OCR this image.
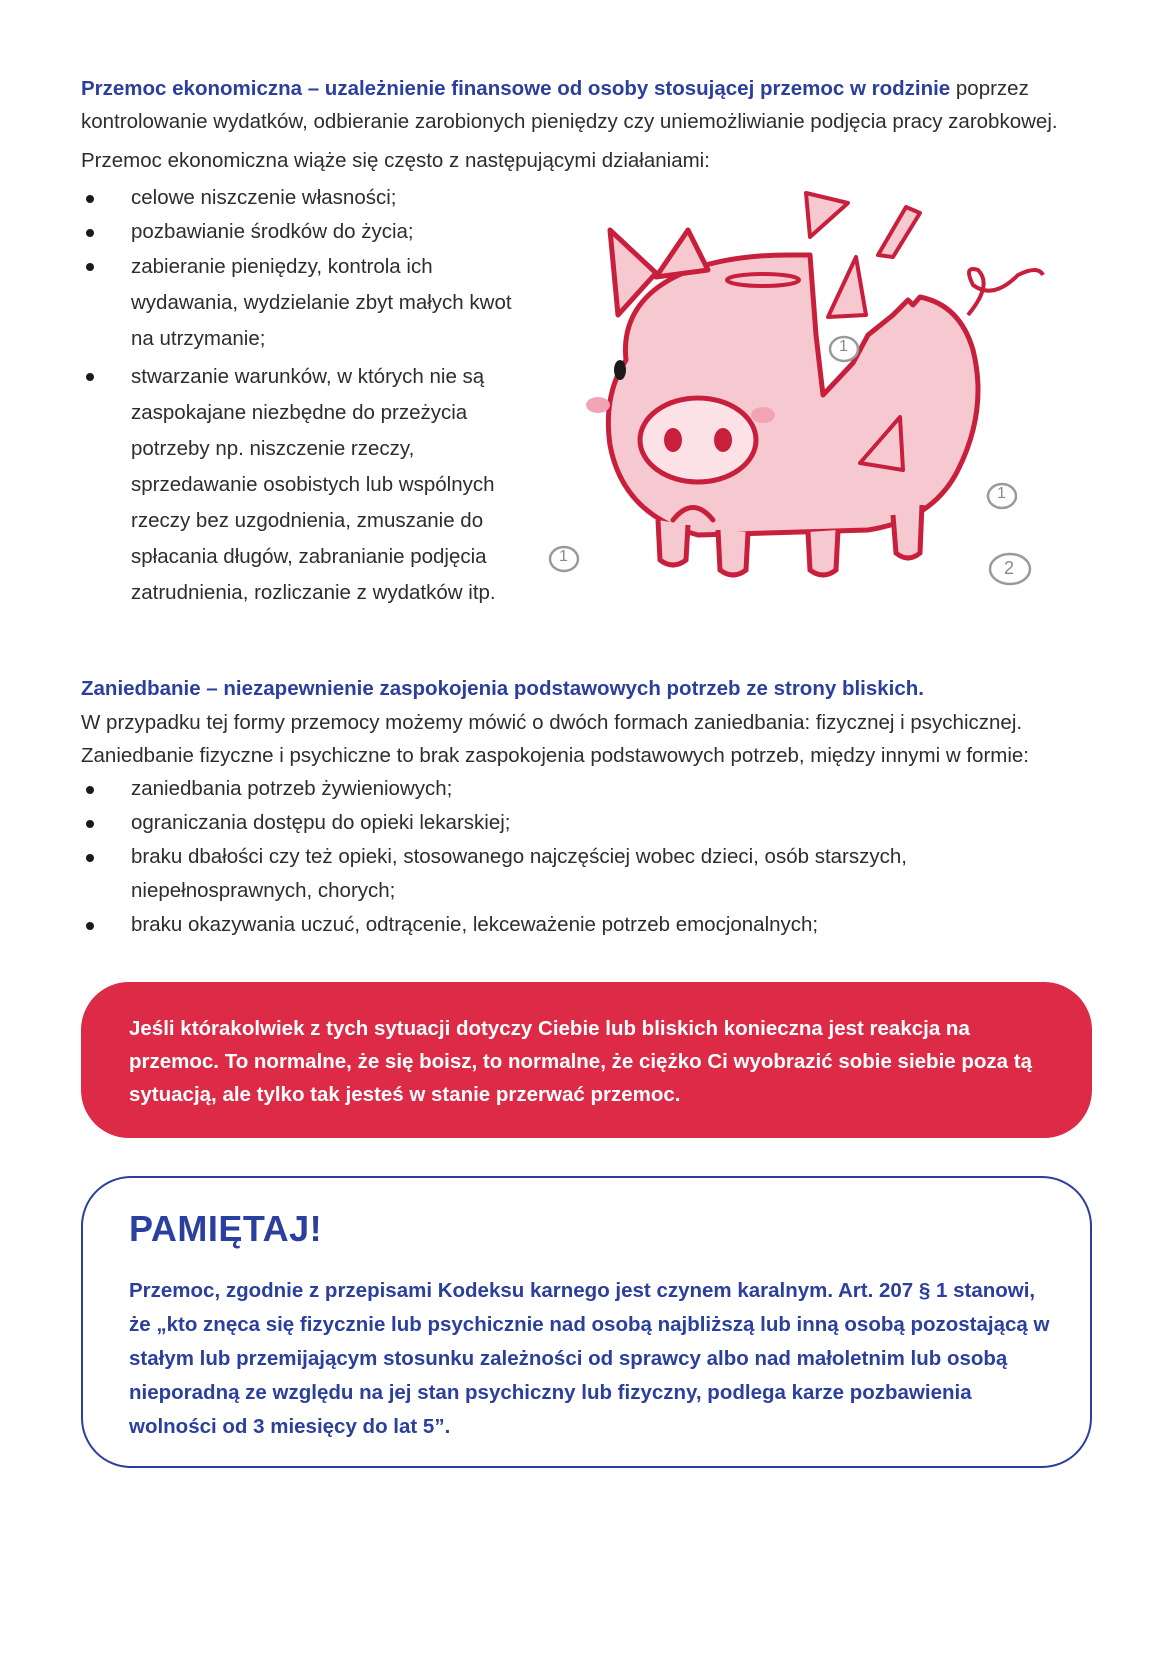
Przemoc ekonomiczna – uzależnienie finansowe od osoby stosującej przemoc w rodzinie poprzez kontrolowanie wydatków, odbieranie zarobionych pieniędzy czy uniemożliwianie podjęcia pracy zarobkowej.
Przemoc ekonomiczna wiąże się często z następującymi działaniami:
celowe niszczenie własności;
pozbawianie środków do życia;
zabieranie pieniędzy, kontrola ich wydawania, wydzielanie zbyt małych kwot na utrzymanie;
stwarzanie warunków, w których nie są zaspokajane niezbędne do przeżycia potrzeby np. niszczenie rzeczy, sprzedawanie osobistych lub wspólnych rzeczy bez uzgodnienia, zmuszanie do spłacania długów, zabranianie podjęcia zatrudnienia, rozliczanie z wydatków itp.
1
1
1
2
Zaniedbanie – niezapewnienie zaspokojenia podstawowych potrzeb ze strony bliskich.
W przypadku tej formy przemocy możemy mówić o dwóch formach zaniedbania: fizycznej i psychicznej. Zaniedbanie fizyczne i psychiczne to brak zaspokojenia podstawowych potrzeb, między innymi w formie:
zaniedbania potrzeb żywieniowych;
ograniczania dostępu do opieki lekarskiej;
braku dbałości czy też opieki, stosowanego najczęściej wobec dzieci, osób starszych, niepełnosprawnych, chorych;
braku okazywania uczuć, odtrącenie, lekceważenie potrzeb emocjonalnych;
Jeśli którakolwiek z tych sytuacji dotyczy Ciebie lub bliskich konieczna jest reakcja na przemoc. To normalne, że się boisz, to normalne, że ciężko Ci wyobrazić sobie siebie poza tą sytuacją, ale tylko tak jesteś w stanie przerwać przemoc.
PAMIĘTAJ!
Przemoc, zgodnie z przepisami Kodeksu karnego jest czynem karalnym. Art. 207 § 1 stanowi, że „kto znęca się fizycznie lub psychicznie nad osobą najbliższą lub inną osobą pozostającą w stałym lub przemijającym stosunku zależności od sprawcy albo nad małoletnim lub osobą nieporadną ze względu na jej stan psychiczny lub fizyczny, podlega karze pozbawienia wolności od 3 miesięcy do lat 5”.
